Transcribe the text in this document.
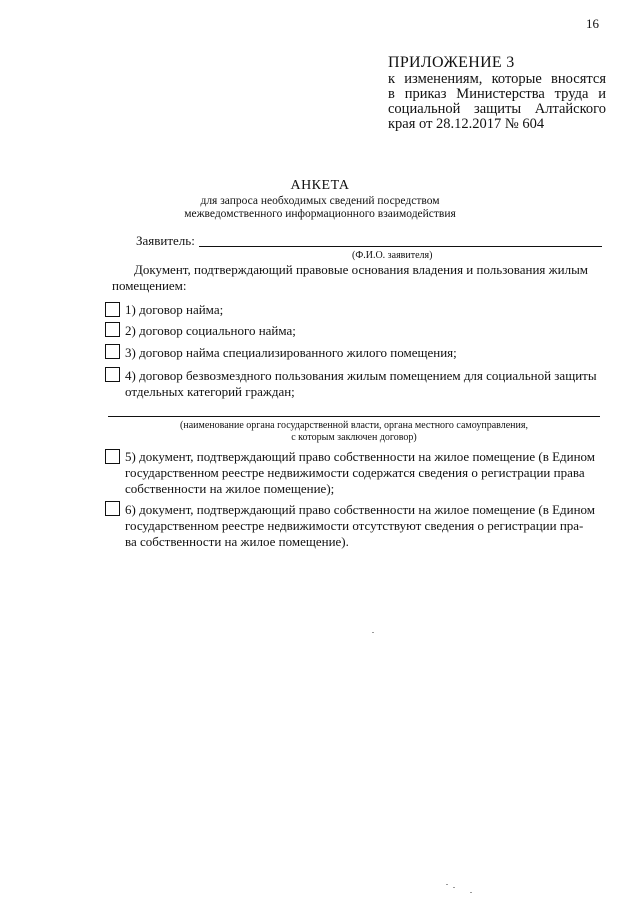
16
ПРИЛОЖЕНИЕ 3
к изменениям, которые вносятся
в приказ Министерства труда и
социальной защиты Алтайского
края от 28.12.2017 № 604
АНКЕТА
для запроса необходимых сведений посредством
межведомственного информационного взаимодействия
Заявитель:
(Ф.И.О. заявителя)
Документ, подтверждающий правовые основания владения и пользования жилым помещением:
1) договор найма;
2) договор социального найма;
3) договор найма специализированного жилого помещения;
4) договор безвозмездного пользования жилым помещением для социальной защиты
отдельных категорий граждан;
(наименование органа государственной власти, органа местного самоуправления,
с которым заключен договор)
5) документ, подтверждающий право собственности на жилое помещение (в Едином
государственном реестре недвижимости содержатся сведения о регистрации права
собственности на жилое помещение);
6) документ, подтверждающий право собственности на жилое помещение (в Едином
государственном реестре недвижимости отсутствуют сведения о регистрации пра-
ва собственности на жилое помещение).
